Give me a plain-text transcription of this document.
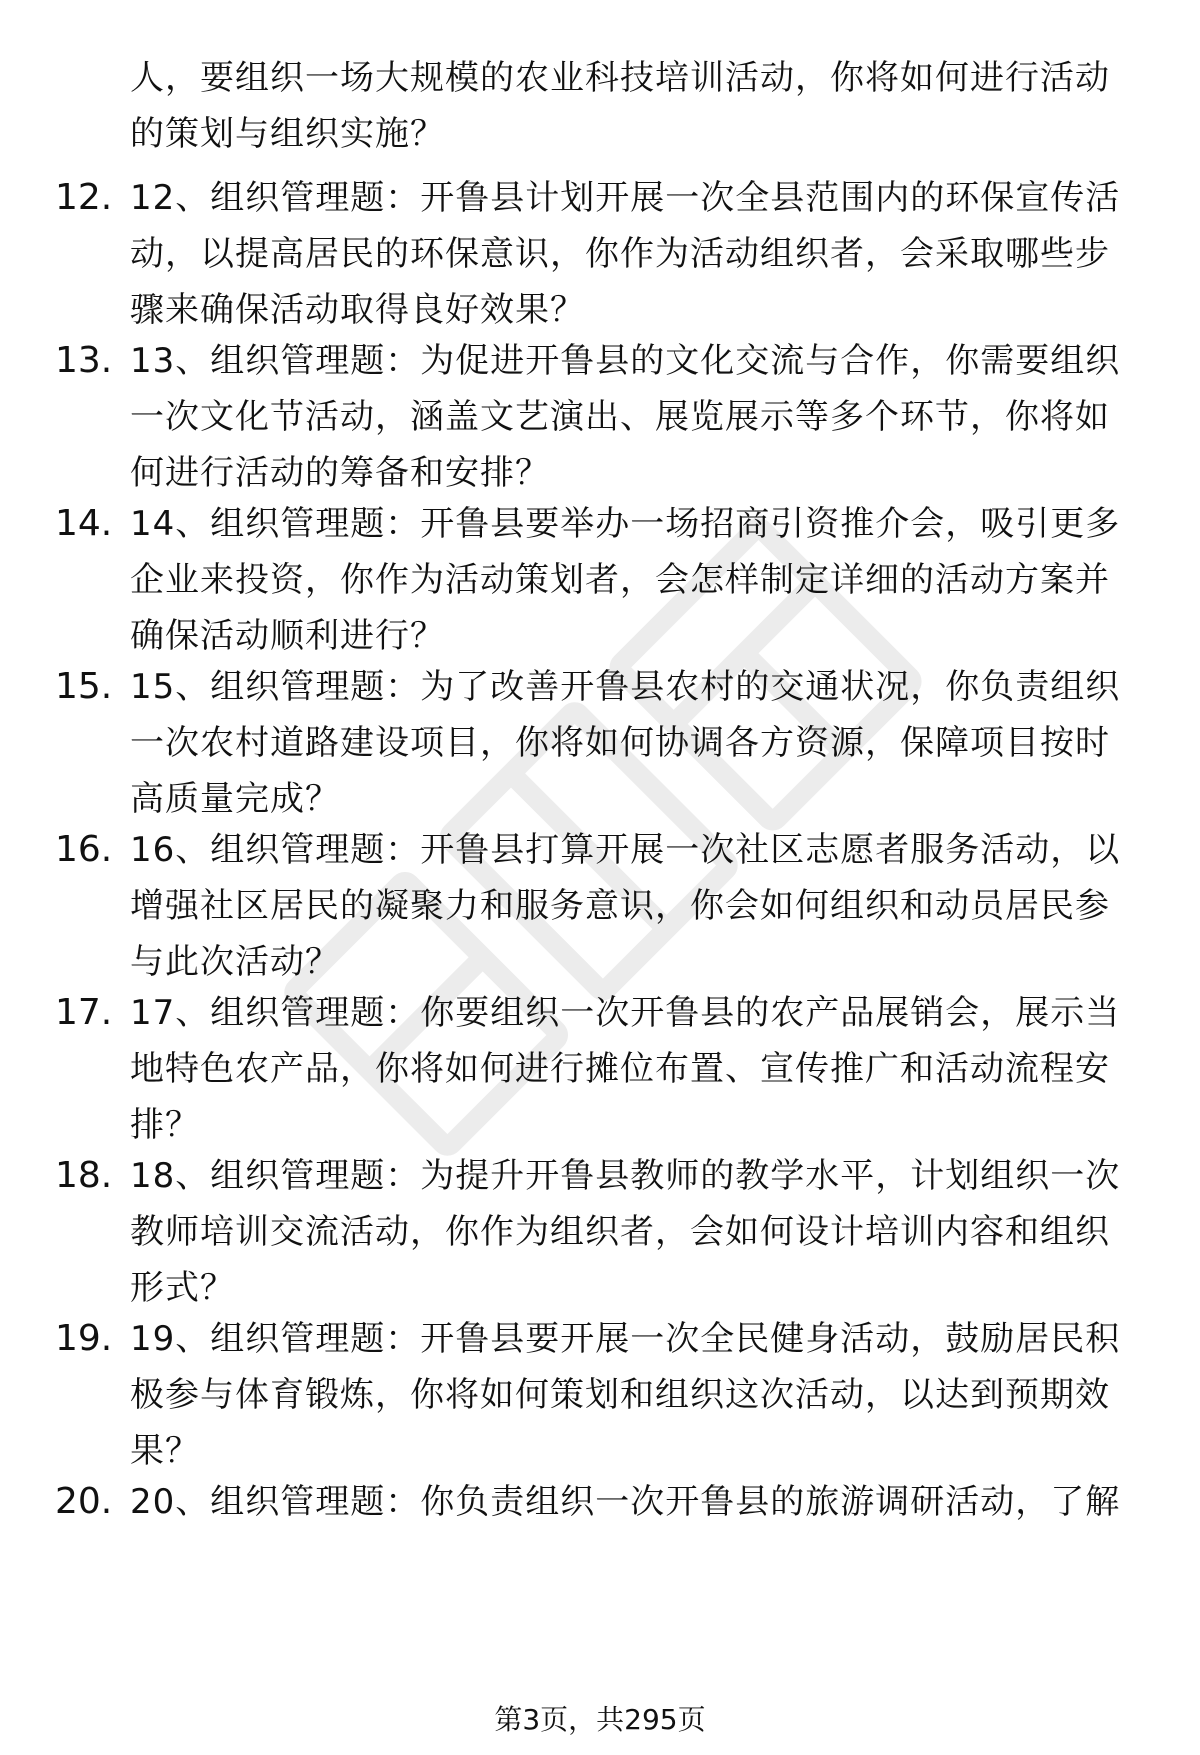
人，要组织一场大规模的农业科技培训活动，你将如何进行活动的策划与组织实施？

12. 12、组织管理题：开鲁县计划开展一次全县范围内的环保宣传活动，以提高居民的环保意识，你作为活动组织者，会采取哪些步骤来确保活动取得良好效果？

13. 13、组织管理题：为促进开鲁县的文化交流与合作，你需要组织一次文化节活动，涵盖文艺演出、展览展示等多个环节，你将如何进行活动的筹备和安排？

14. 14、组织管理题：开鲁县要举办一场招商引资推介会，吸引更多企业来投资，你作为活动策划者，会怎样制定详细的活动方案并确保活动顺利进行？

15. 15、组织管理题：为了改善开鲁县农村的交通状况，你负责组织一次农村道路建设项目，你将如何协调各方资源，保障项目按时高质量完成？

16. 16、组织管理题：开鲁县打算开展一次社区志愿者服务活动，以增强社区居民的凝聚力和服务意识，你会如何组织和动员居民参与此次活动？

17. 17、组织管理题：你要组织一次开鲁县的农产品展销会，展示当地特色农产品，你将如何进行摊位布置、宣传推广和活动流程安排？

18. 18、组织管理题：为提升开鲁县教师的教学水平，计划组织一次教师培训交流活动，你作为组织者，会如何设计培训内容和组织形式？

19. 19、组织管理题：开鲁县要开展一次全民健身活动，鼓励居民积极参与体育锻炼，你将如何策划和组织这次活动，以达到预期效果？

20. 20、组织管理题：你负责组织一次开鲁县的旅游调研活动，了解

第3页，共295页
